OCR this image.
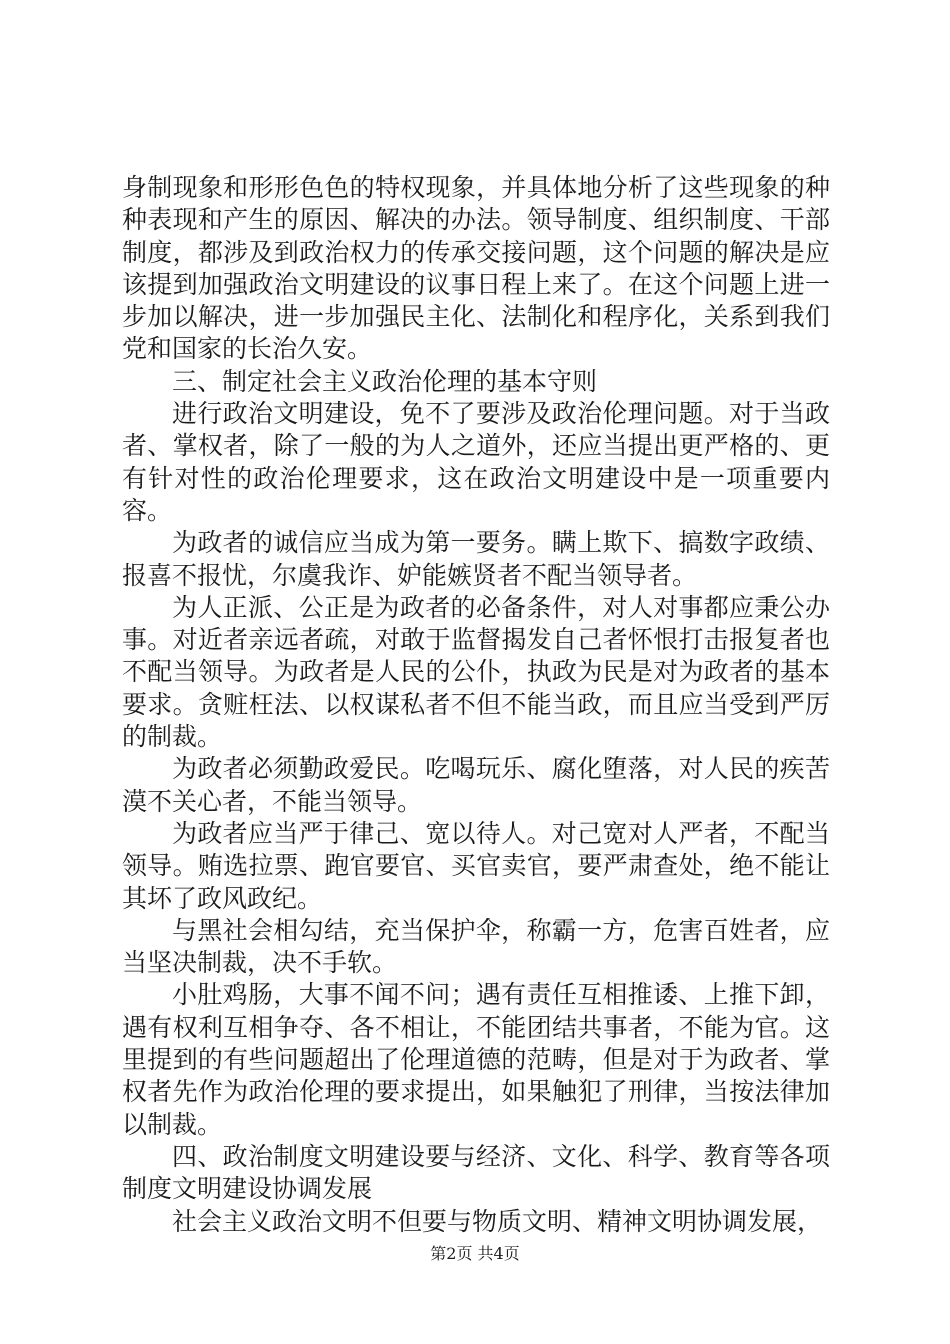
身制现象和形形色色的特权现象，并具体地分析了这些现象的种种表现和产生的原因、解决的办法。领导制度、组织制度、干部制度，都涉及到政治权力的传承交接问题，这个问题的解决是应该提到加强政治文明建设的议事日程上来了。在这个问题上进一步加以解决，进一步加强民主化、法制化和程序化，关系到我们党和国家的长治久安。

三、制定社会主义政治伦理的基本守则

进行政治文明建设，免不了要涉及政治伦理问题。对于当政者、掌权者，除了一般的为人之道外，还应当提出更严格的、更有针对性的政治伦理要求，这在政治文明建设中是一项重要内容。

为政者的诚信应当成为第一要务。瞒上欺下、搞数字政绩、报喜不报忧，尔虞我诈、妒能嫉贤者不配当领导者。

为人正派、公正是为政者的必备条件，对人对事都应秉公办事。对近者亲远者疏，对敢于监督揭发自己者怀恨打击报复者也不配当领导。为政者是人民的公仆，执政为民是对为政者的基本要求。贪赃枉法、以权谋私者不但不能当政，而且应当受到严厉的制裁。

为政者必须勤政爱民。吃喝玩乐、腐化堕落，对人民的疾苦漠不关心者，不能当领导。

为政者应当严于律己、宽以待人。对己宽对人严者，不配当领导。贿选拉票、跑官要官、买官卖官，要严肃查处，绝不能让其坏了政风政纪。

与黑社会相勾结，充当保护伞，称霸一方，危害百姓者，应当坚决制裁，决不手软。

小肚鸡肠，大事不闻不问；遇有责任互相推诿、上推下卸，遇有权利互相争夺、各不相让，不能团结共事者，不能为官。这里提到的有些问题超出了伦理道德的范畴，但是对于为政者、掌权者先作为政治伦理的要求提出，如果触犯了刑律，当按法律加以制裁。

四、政治制度文明建设要与经济、文化、科学、教育等各项制度文明建设协调发展

社会主义政治文明不但要与物质文明、精神文明协调发展，

第2页 共4页
